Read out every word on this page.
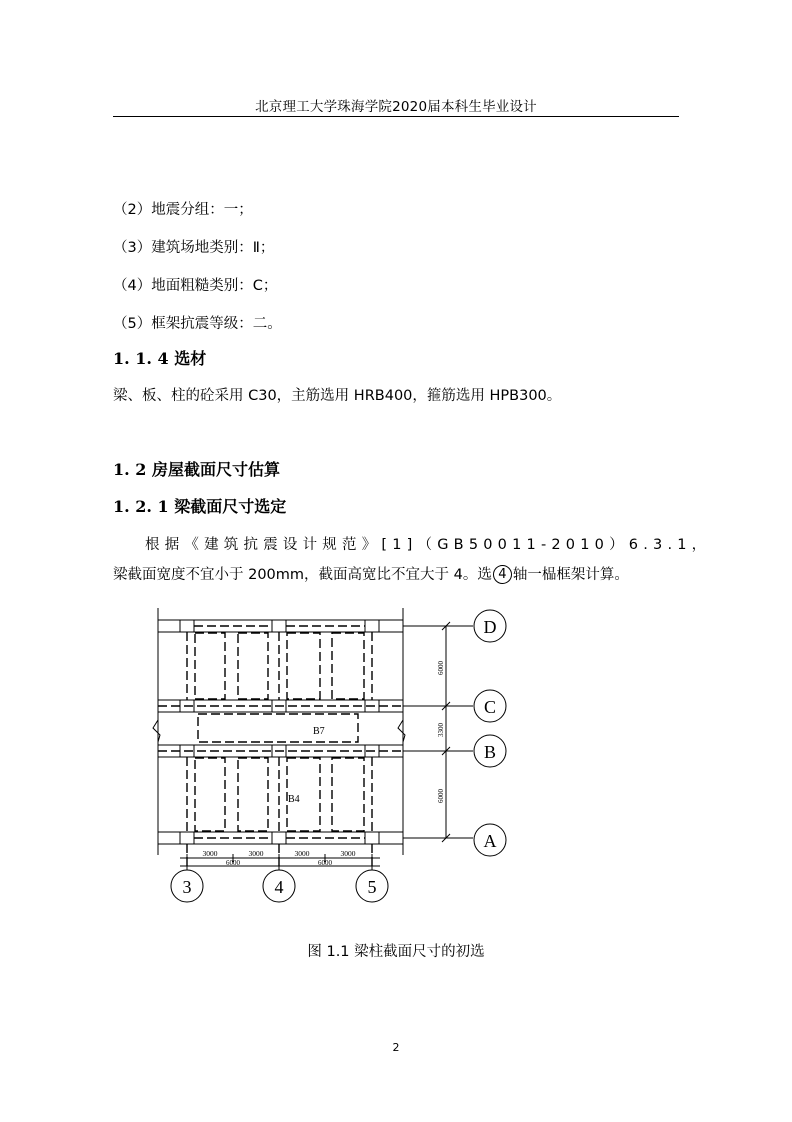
北京理工大学珠海学院2020届本科生毕业设计
（2）地震分组：一；
（3）建筑场地类别：Ⅱ；
（4）地面粗糙类别：C；
（5）框架抗震等级：二。
1. 1. 4 选材
梁、板、柱的砼采用 C30，主筋选用 HRB400，箍筋选用 HPB300。
1. 2 房屋截面尺寸估算
1. 2. 1 梁截面尺寸选定
根据《建筑抗震设计规范》[1]（GB50011-2010）6.3.1，
梁截面宽度不宜小于 200mm，截面高宽比不宜大于 4。选 4 轴一榀框架计算。
B7
B4
6000
3300
6000
D
C
B
A
3000	3000	3000	3000
6000	6000
3	4	5
图 1.1 梁柱截面尺寸的初选
2
